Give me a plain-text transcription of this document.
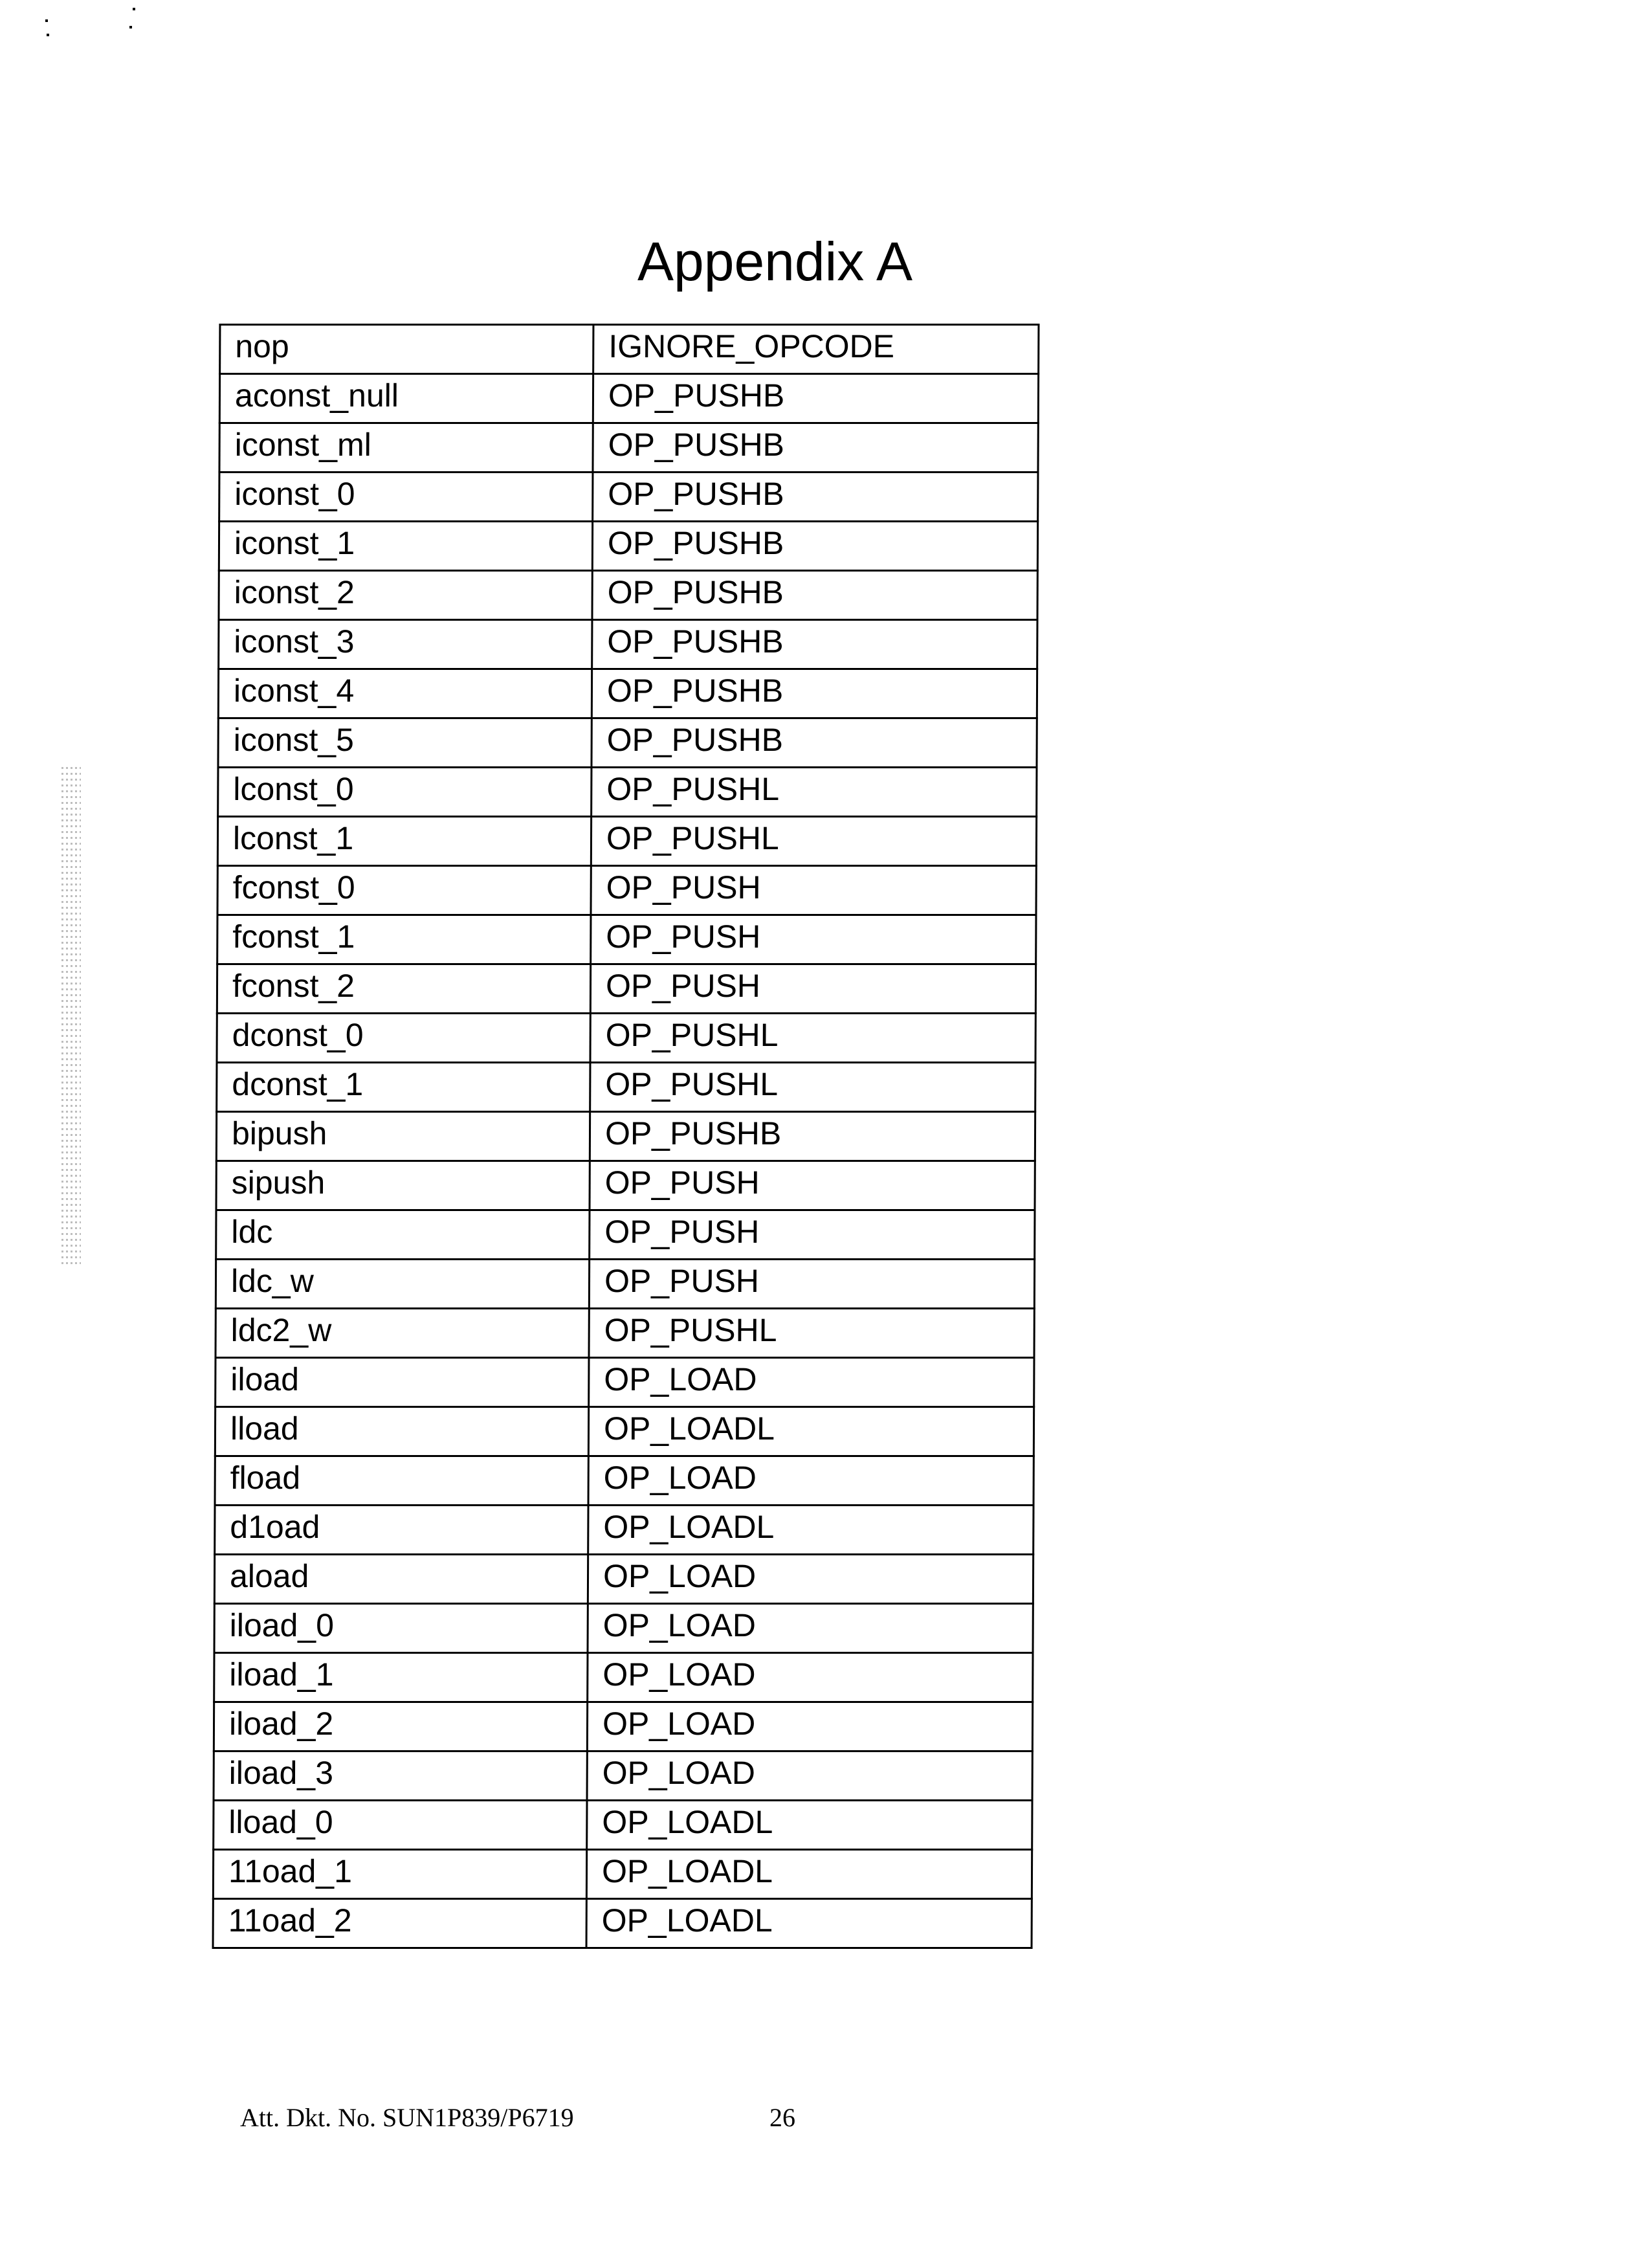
Appendix A
nop	IGNORE_OPCODE
aconst_null	OP_PUSHB
iconst_ml	OP_PUSHB
iconst_0	OP_PUSHB
iconst_1	OP_PUSHB
iconst_2	OP_PUSHB
iconst_3	OP_PUSHB
iconst_4	OP_PUSHB
iconst_5	OP_PUSHB
lconst_0	OP_PUSHL
lconst_1	OP_PUSHL
fconst_0	OP_PUSH
fconst_1	OP_PUSH
fconst_2	OP_PUSH
dconst_0	OP_PUSHL
dconst_1	OP_PUSHL
bipush	OP_PUSHB
sipush	OP_PUSH
ldc	OP_PUSH
ldc_w	OP_PUSH
ldc2_w	OP_PUSHL
iload	OP_LOAD
lload	OP_LOADL
fload	OP_LOAD
d1oad	OP_LOADL
aload	OP_LOAD
iload_0	OP_LOAD
iload_1	OP_LOAD
iload_2	OP_LOAD
iload_3	OP_LOAD
lload_0	OP_LOADL
11oad_1	OP_LOADL
11oad_2	OP_LOADL
Att. Dkt. No. SUN1P839/P6719	26
